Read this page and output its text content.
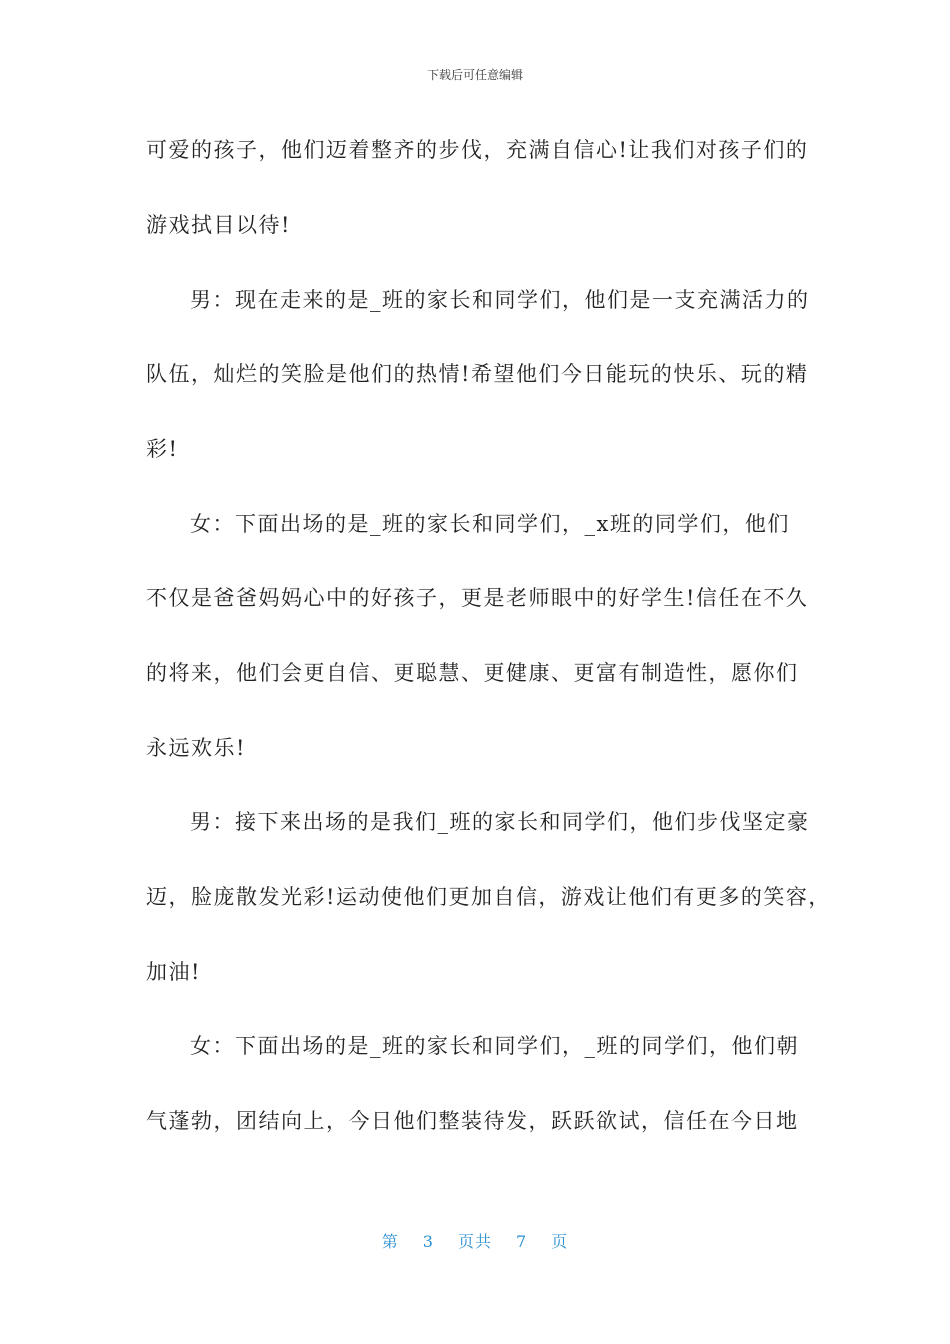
下载后可任意编辑
可爱的孩子，他们迈着整齐的步伐，充满自信心!让我们对孩子们的
游戏拭目以待!
男：现在走来的是_班的家长和同学们，他们是一支充满活力的
队伍，灿烂的笑脸是他们的热情!希望他们今日能玩的快乐、玩的精
彩!
女：下面出场的是_班的家长和同学们，_x班的同学们，他们
不仅是爸爸妈妈心中的好孩子，更是老师眼中的好学生!信任在不久
的将来，他们会更自信、更聪慧、更健康、更富有制造性，愿你们
永远欢乐!
男：接下来出场的是我们_班的家长和同学们，他们步伐坚定豪
迈，脸庞散发光彩!运动使他们更加自信，游戏让他们有更多的笑容，
加油!
女：下面出场的是_班的家长和同学们，_班的同学们，他们朝
气蓬勃，团结向上，今日他们整装待发，跃跃欲试，信任在今日地
第 3 页共 7 页
